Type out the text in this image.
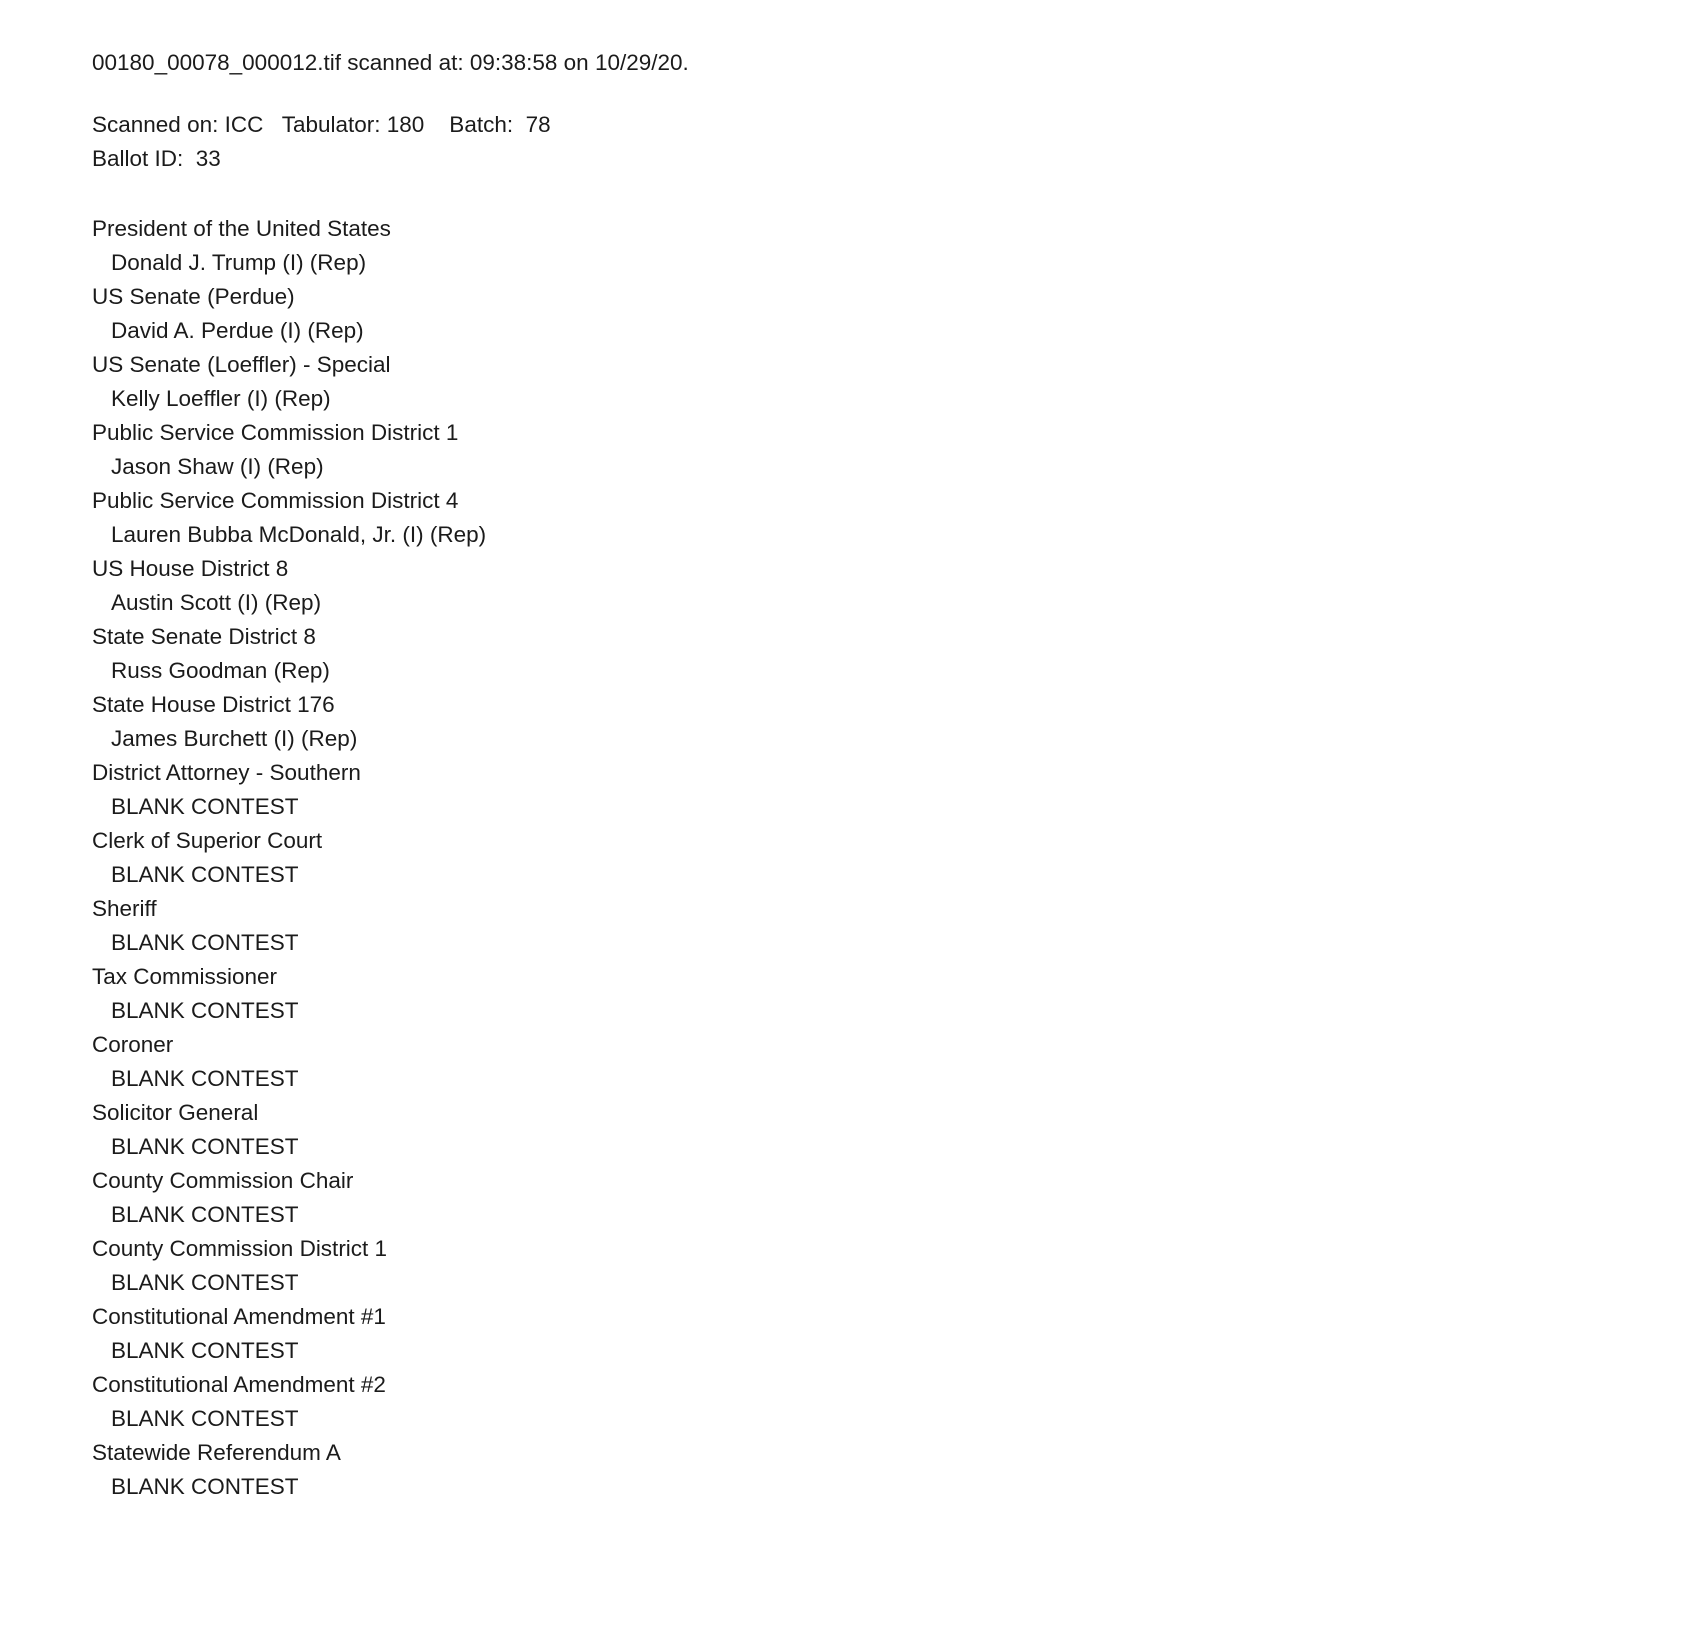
00180_00078_000012.tif scanned at: 09:38:58 on 10/29/20.
Scanned on: ICC   Tabulator: 180    Batch:  78
Ballot ID:  33
President of the United States
Donald J. Trump (I) (Rep)
US Senate (Perdue)
David A. Perdue (I) (Rep)
US Senate (Loeffler) - Special
Kelly Loeffler (I) (Rep)
Public Service Commission District 1
Jason Shaw (I) (Rep)
Public Service Commission District 4
Lauren Bubba McDonald, Jr. (I) (Rep)
US House District 8
Austin Scott (I) (Rep)
State Senate District 8
Russ Goodman (Rep)
State House District 176
James Burchett (I) (Rep)
District Attorney - Southern
BLANK CONTEST
Clerk of Superior Court
BLANK CONTEST
Sheriff
BLANK CONTEST
Tax Commissioner
BLANK CONTEST
Coroner
BLANK CONTEST
Solicitor General
BLANK CONTEST
County Commission Chair
BLANK CONTEST
County Commission District 1
BLANK CONTEST
Constitutional Amendment #1
BLANK CONTEST
Constitutional Amendment #2
BLANK CONTEST
Statewide Referendum A
BLANK CONTEST
